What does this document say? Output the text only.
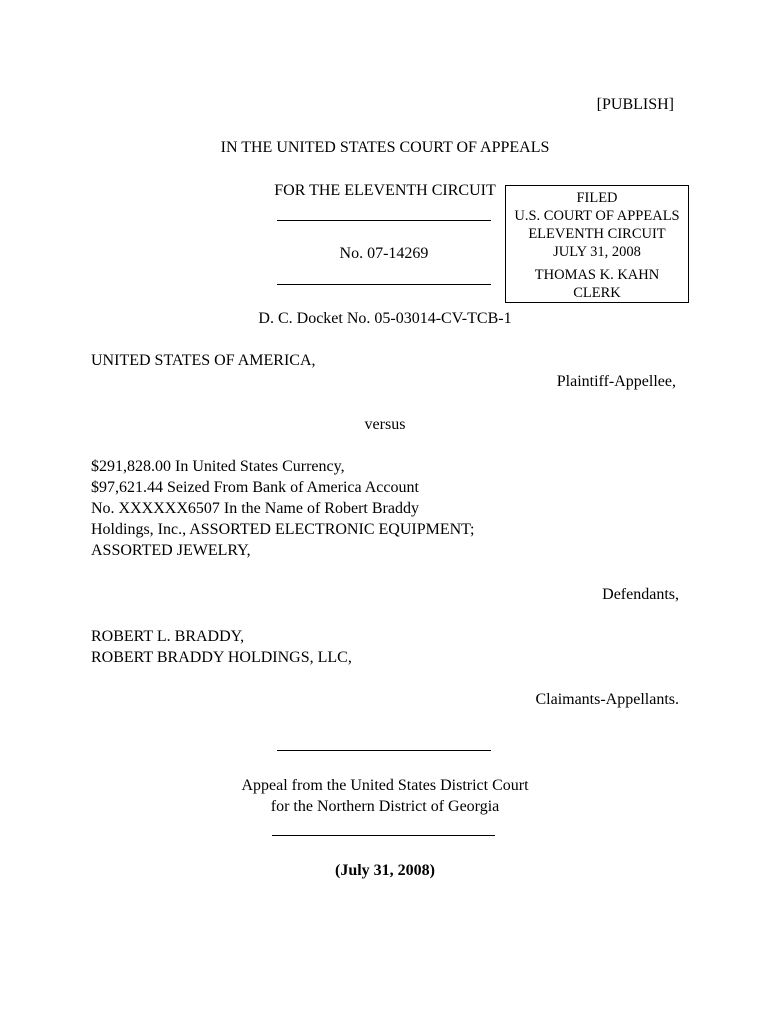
[PUBLISH]
IN THE UNITED STATES COURT OF APPEALS
FOR THE ELEVENTH CIRCUIT
No. 07-14269
FILED
U.S. COURT OF APPEALS
ELEVENTH CIRCUIT
JULY 31, 2008
THOMAS K. KAHN
CLERK
D. C. Docket No. 05-03014-CV-TCB-1
UNITED STATES OF AMERICA,
Plaintiff-Appellee,
versus
$291,828.00 In United States Currency,
$97,621.44 Seized From Bank of America Account
No. XXXXXX6507 In the Name of Robert Braddy
Holdings, Inc., ASSORTED ELECTRONIC EQUIPMENT;
ASSORTED JEWELRY,
Defendants,
ROBERT L. BRADDY,
ROBERT BRADDY HOLDINGS, LLC,
Claimants-Appellants.
Appeal from the United States District Court
for the Northern District of Georgia
(July 31, 2008)
